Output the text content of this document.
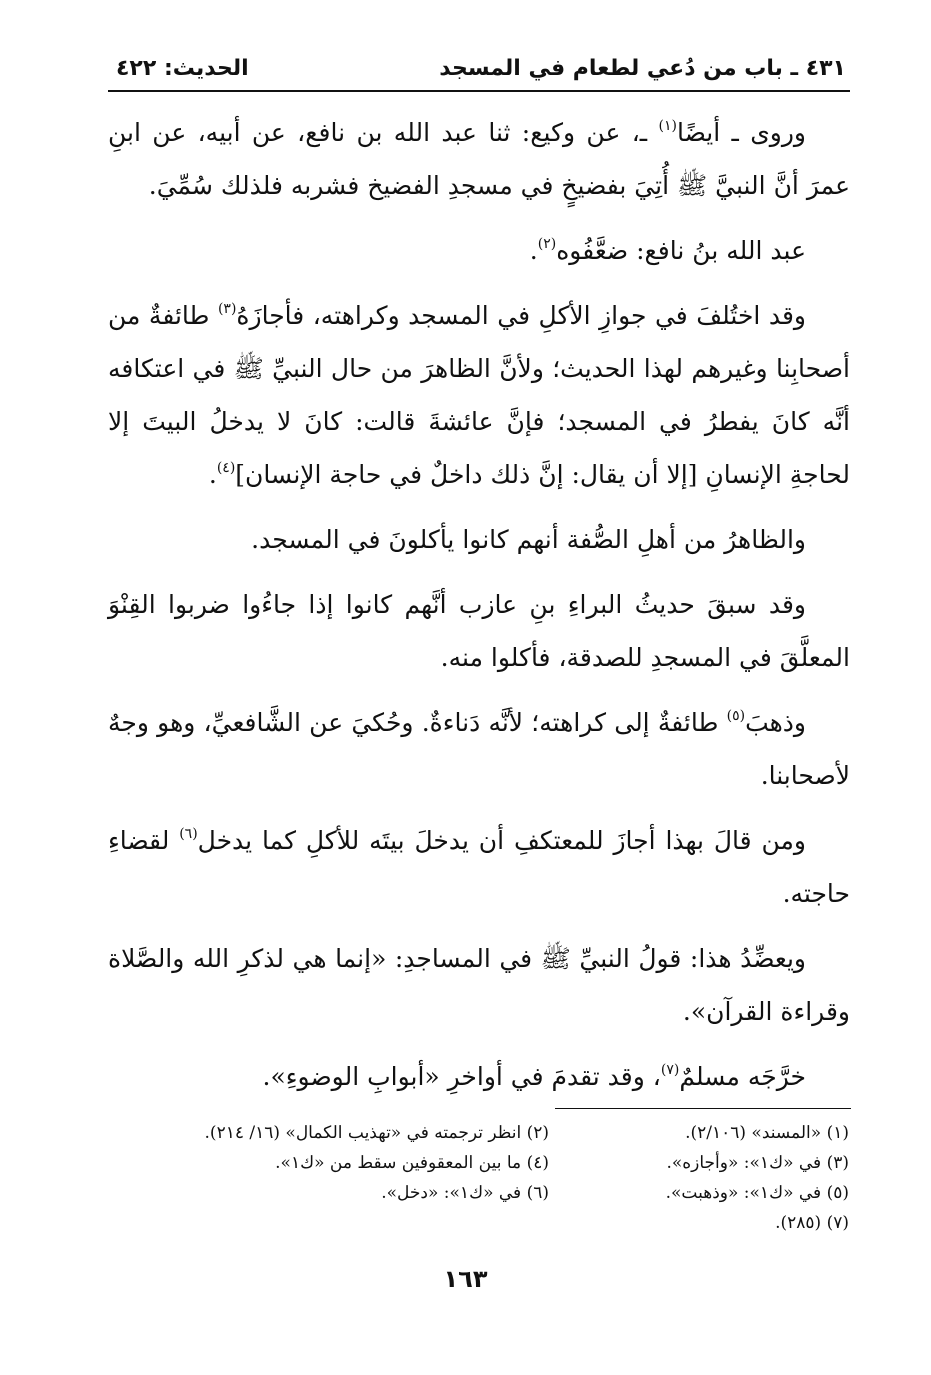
٤٣١ ـ باب من دُعي لطعام في المسجد
الحديث: ٤٢٢

وروى ـ أيضًا$^{(١)}$ ـ، عن وكيع: ثنا عبد الله بن نافع، عن أبيه، عن ابنِ عمرَ أنَّ النبيَّ ﷺ أُتِيَ بفضيخٍ في مسجدِ الفضيخ فشربه فلذلك سُمِّيَ.

عبد الله بنُ نافع: ضعَّفُوه$^{(٢)}$.

وقد اختُلفَ في جوازِ الأكلِ في المسجد وكراهته، فأجازَهُ$^{(٣)}$ طائفةٌ من أصحابِنا وغيرهم لهذا الحديث؛ ولأنَّ الظاهرَ من حال النبيِّ ﷺ في اعتكافه أنَّه كانَ يفطرُ في المسجد؛ فإنَّ عائشةَ قالت: كانَ لا يدخلُ البيتَ إلا لحاجةِ الإنسانِ [إلا أن يقال: إنَّ ذلك داخلٌ في حاجة الإنسان]$^{(٤)}$.

والظاهرُ من أهلِ الصُّفة أنهم كانوا يأكلونَ في المسجد.

وقد سبقَ حديثُ البراءِ بنِ عازب أنَّهم كانوا إذا جاءُوا ضربوا القِنْوَ المعلَّقَ في المسجدِ للصدقة، فأكلوا منه.

وذهبَ$^{(٥)}$ طائفةٌ إلى كراهته؛ لأنَّه دَناءةٌ. وحُكيَ عن الشَّافعيِّ، وهو وجهٌ لأصحابنا.

ومن قالَ بهذا أجازَ للمعتكفِ أن يدخلَ بيتَه للأكلِ كما يدخل$^{(٦)}$ لقضاءِ حاجته.

ويعضِّدُ هذا: قولُ النبيِّ ﷺ في المساجدِ: «إنما هي لذكرِ الله والصَّلاة وقراءة القرآن».

خرَّجَه مسلمٌ$^{(٧)}$، وقد تقدمَ في أواخرِ «أبوابِ الوضوءِ».

(١) «المسند» (٢/١٠٦).
(٢) انظر ترجمته في «تهذيب الكمال» (١٦/ ٢١٤).
(٣) في «ك١»: «وأجازه».
(٤) ما بين المعقوفين سقط من «ك١».
(٥) في «ك١»: «وذهبت».
(٦) في «ك١»: «دخل».
(٧) (٢٨٥).
١٦٣
